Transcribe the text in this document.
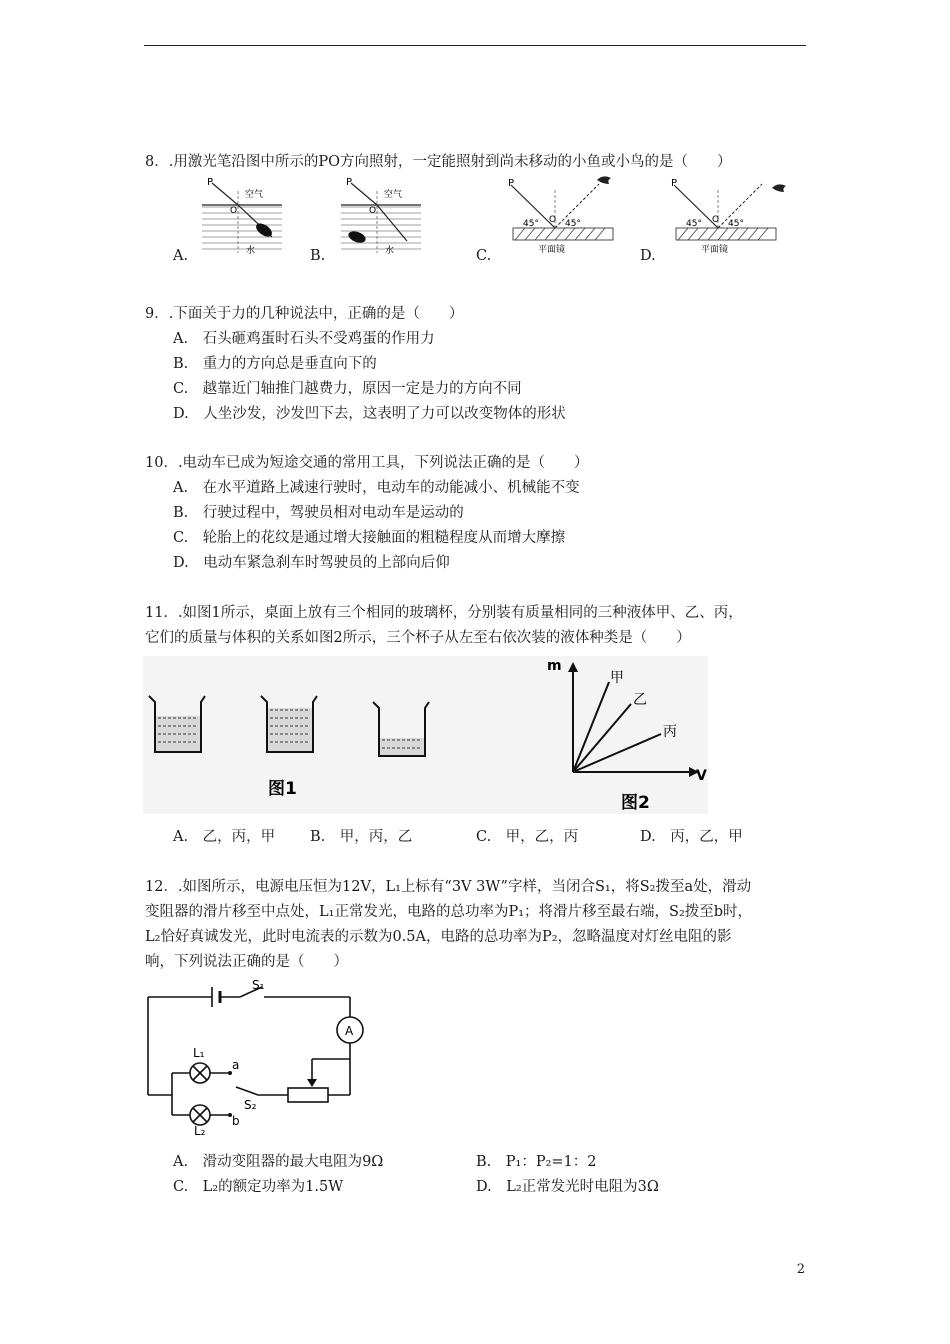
8．.用激光笔沿图中所示的PO方向照射，一定能照射到尚未移动的小鱼或小鸟的是（　　）
P
O
空气
水
A.
P
O
空气
水
B.
P
O
45°	45°
平面镜
C.
P
O
45°	45°
平面镜
D.
9．.下面关于力的几种说法中，正确的是（　　）
A.　石头砸鸡蛋时石头不受鸡蛋的作用力
B.　重力的方向总是垂直向下的
C.　越靠近门轴推门越费力，原因一定是力的方向不同
D.　人坐沙发，沙发凹下去，这表明了力可以改变物体的形状
10．.电动车已成为短途交通的常用工具，下列说法正确的是（　　）
A.　在水平道路上减速行驶时，电动车的动能减小、机械能不变
B.　行驶过程中，驾驶员相对电动车是运动的
C.　轮胎上的花纹是通过增大接触面的粗糙程度从而增大摩擦
D.　电动车紧急刹车时驾驶员的上部向后仰
11．.如图1所示，桌面上放有三个相同的玻璃杯，分别装有质量相同的三种液体甲、乙、丙，
它们的质量与体积的关系如图2所示，三个杯子从左至右依次装的液体种类是（　　）
图1
m
V
甲
乙
丙
图2
A.　乙，丙，甲 B.　甲，丙，乙	C.　甲，乙，丙	D.　丙，乙，甲
12．.如图所示，电源电压恒为12V，L₁上标有“3V 3W”字样，当闭合S₁，将S₂拨至a处，滑动
变阻器的滑片移至中点处，L₁正常发光，电路的总功率为P₁；将滑片移至最右端，S₂拨至b时，
L₂恰好真诚发光，此时电流表的示数为0.5A，电路的总功率为P₂，忽略温度对灯丝电阻的影
响，下列说法正确的是（　　）
S₁
A
L₁
a
S₂
b
L₂
A.　滑动变阻器的最大电阻为9Ω	B.　P₁：P₂=1：2
C.　L₂的额定功率为1.5W	D.　L₂正常发光时电阻为3Ω
2
